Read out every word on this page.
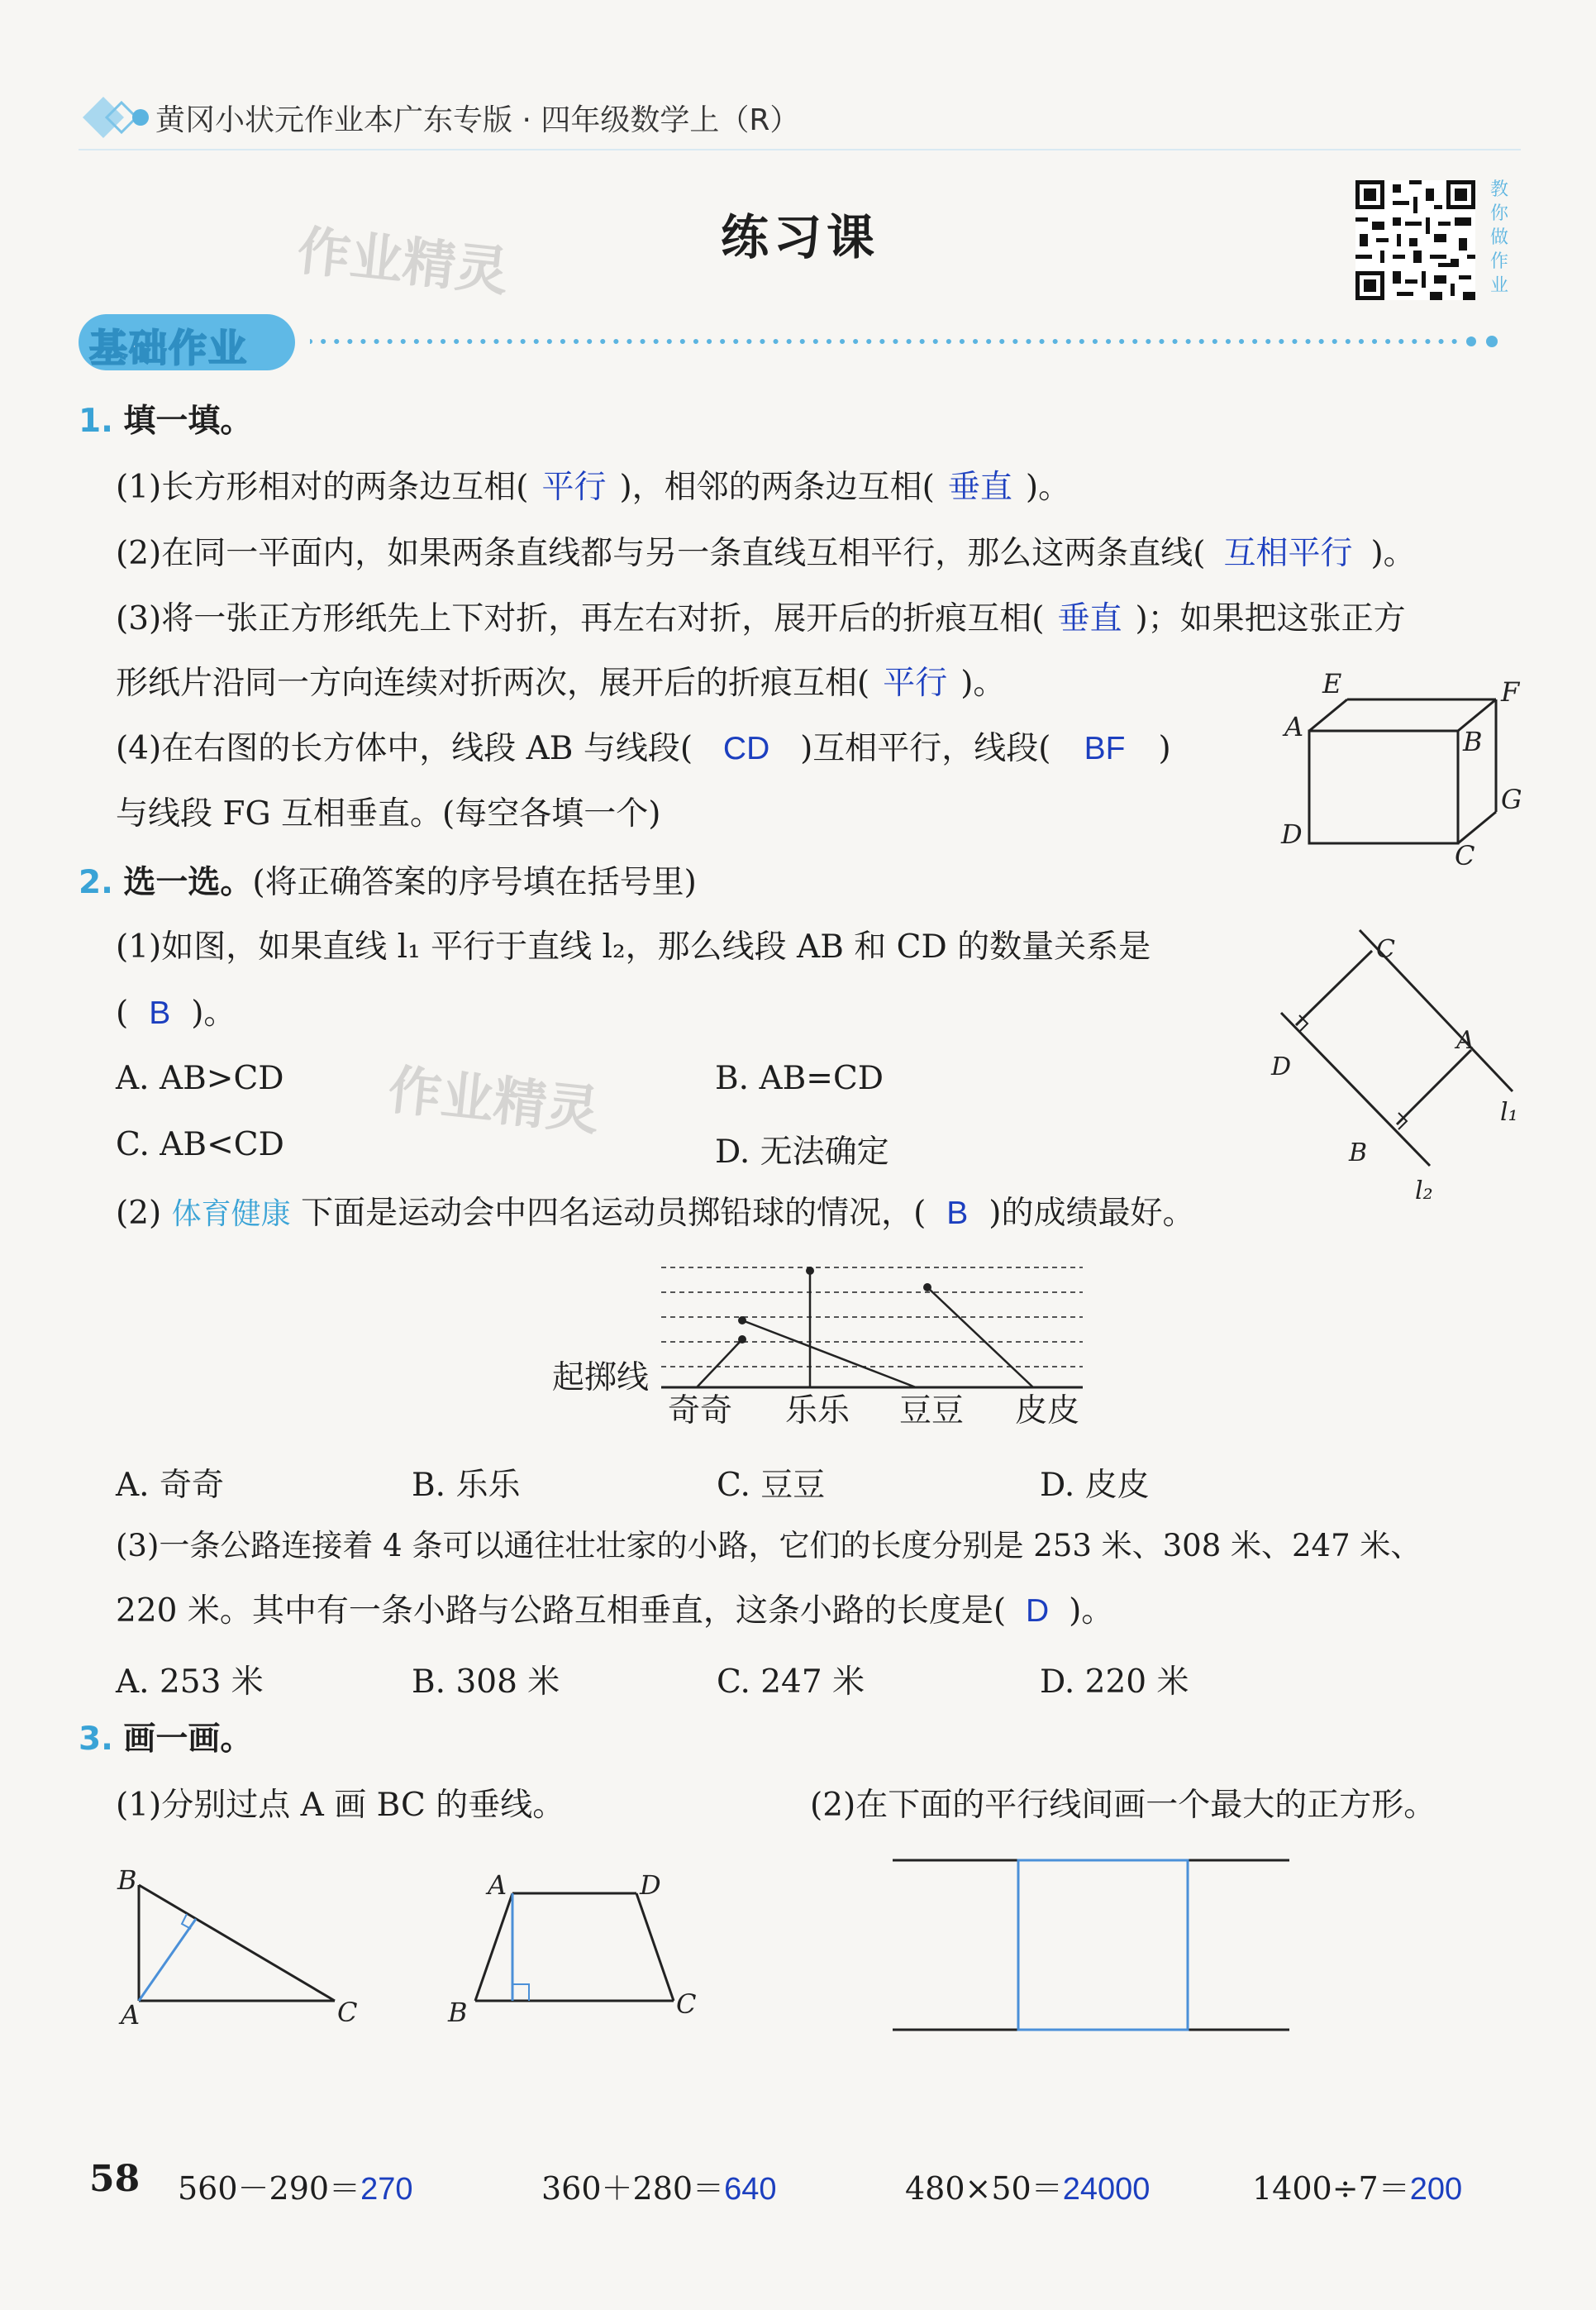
黄冈小状元作业本广东专版 · 四年级数学上（R）
练习课
作业精灵
教
你
做
作
业
基础作业
1. 填一填。
(1)长方形相对的两条边互相( 平行 )，相邻的两条边互相( 垂直 )。
(2)在同一平面内，如果两条直线都与另一条直线互相平行，那么这两条直线( 互相平行 )。
(3)将一张正方形纸先上下对折，再左右对折，展开后的折痕互相( 垂直 )；如果把这张正方
形纸片沿同一方向连续对折两次，展开后的折痕互相( 平行 )。
(4)在右图的长方体中，线段 AB 与线段( CD )互相平行，线段( BF )
与线段 FG 互相垂直。(每空各填一个)
E	F
A	B
G
D
C
2. 选一选。(将正确答案的序号填在括号里)
(1)如图，如果直线 l₁ 平行于直线 l₂，那么线段 AB 和 CD 的数量关系是
( B )。
A. AB>CD	B. AB=CD
C. AB<CD	D. 无法确定
作业精灵
C
A
D
B
l₁
l₂
(2) 体育健康 下面是运动会中四名运动员掷铅球的情况，( B )的成绩最好。
起掷线
奇奇 乐乐 豆豆 皮皮
A. 奇奇	B. 乐乐	C. 豆豆	D. 皮皮
(3)一条公路连接着 4 条可以通往壮壮家的小路，它们的长度分别是 253 米、308 米、247 米、
220 米。其中有一条小路与公路互相垂直，这条小路的长度是( D )。
A. 253 米	B. 308 米	C. 247 米	D. 220 米
3. 画一画。
(1)分别过点 A 画 BC 的垂线。	(2)在下面的平行线间画一个最大的正方形。
B
A	C
A	D
B	C
58 560－290＝270	360＋280＝640	480×50＝24000	1400÷7＝200
